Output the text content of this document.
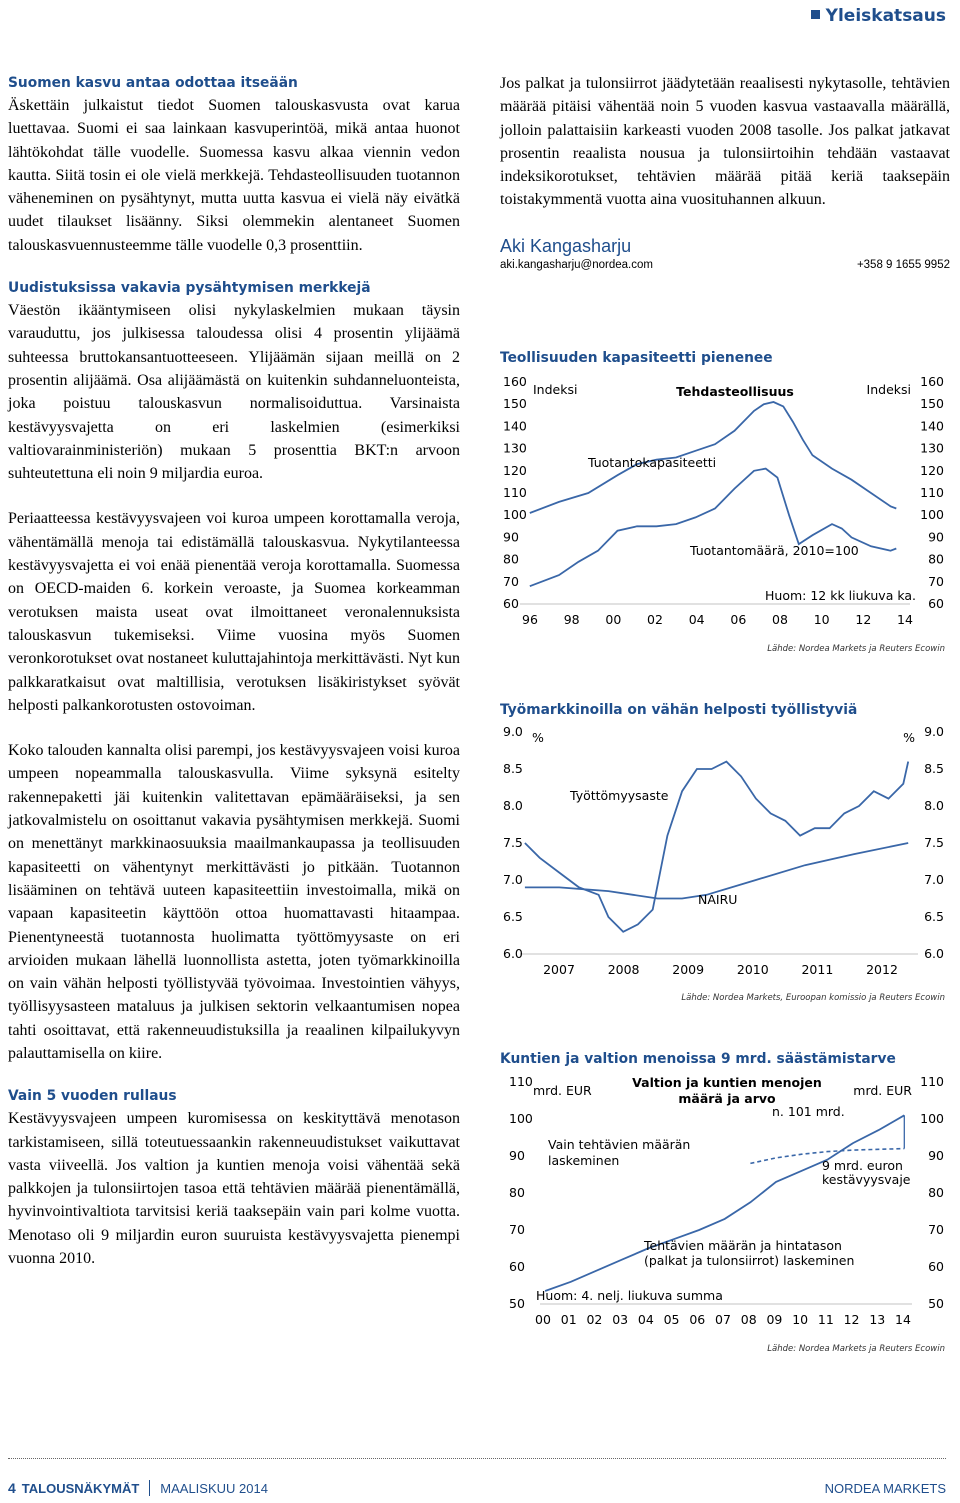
Yleiskatsaus
Suomen kasvu antaa odottaa itseään

Äskettäin julkaistut tiedot Suomen talouskasvusta ovat karua luettavaa. Suomi ei saa lainkaan kasvuperintöä, mikä antaa huonot lähtökohdat tälle vuodelle. Suomessa kasvu alkaa viennin vedon kautta. Siitä tosin ei ole vielä merkkejä. Tehdasteollisuuden tuotannon väheneminen on pysähtynyt, mutta uutta kasvua ei vielä näy eivätkä uudet tilaukset lisäänny. Siksi olemmekin alentaneet Suomen talouskasvuennusteemme tälle vuodelle 0,3 prosenttiin.

Uudistuksissa vakavia pysähtymisen merkkejä

Väestön ikääntymiseen olisi nykylaskelmien mukaan täysin varauduttu, jos julkisessa taloudessa olisi 4 prosentin ylijäämä suhteessa bruttokansantuotteeseen. Ylijäämän sijaan meillä on 2 prosentin alijäämä. Osa alijäämästä on kuitenkin suhdanneluonteista, joka poistuu talouskasvun normalisoiduttua. Varsinaista kestävyysvajetta on eri laskelmien (esimerkiksi valtiovarainministeriön) mukaan 5 prosenttia BKT:n arvoon suhteutettuna eli noin 9 miljardia euroa.

Periaatteessa kestävyysvajeen voi kuroa umpeen korottamalla veroja, vähentämällä menoja tai edistämällä talouskasvua. Nykytilanteessa kestävyysvajetta ei voi enää pienentää veroja korottamalla. Suomessa on OECD-maiden 6. korkein veroaste, ja Suomea korkeamman verotuksen maista useat ovat ilmoittaneet veronalennuksista talouskasvun tukemiseksi. Viime vuosina myös Suomen veronkorotukset ovat nostaneet kuluttajahintoja merkittävästi. Nyt kun palkkaratkaisut ovat maltillisia, verotuksen lisäkiristykset syövät helposti palkankorotusten ostovoiman.

Koko talouden kannalta olisi parempi, jos kestävyysvajeen voisi kuroa umpeen nopeammalla talouskasvulla. Viime syksynä esitelty rakennepaketti jäi kuitenkin valitettavan epämääräiseksi, ja sen jatkovalmistelu on osoittanut vakavia pysähtymisen merkkejä. Suomi on menettänyt markkinaosuuksia maailmankaupassa ja teollisuuden kapasiteetti on vähentynyt merkittävästi jo pitkään. Tuotannon lisääminen on tehtävä uuteen kapasiteettiin investoimalla, mikä on vapaan kapasiteetin käyttöön ottoa huomattavasti hitaampaa. Pienentyneestä tuotannosta huolimatta työttömyysaste on eri arvioiden mukaan lähellä luonnollista astetta, joten työmarkkinoilla on vain vähän helposti työllistyvää työvoimaa. Investointien vähyys, työllisyysasteen mataluus ja julkisen sektorin velkaantumisen nopea tahti osoittavat, että rakenneuudistuksilla ja reaalinen kilpailukyvyn palauttamisella on kiire.

Vain 5 vuoden rullaus

Kestävyysvajeen umpeen kuromisessa on keskityttävä menotason tarkistamiseen, sillä toteutuessaankin rakenneuudistukset vaikuttavat vasta viiveellä. Jos valtion ja kuntien menoja voisi vähentää sekä palkkojen ja tulonsiirtojen tasoa että tehtävien määrää pienentämällä, hyvinvointivaltiota tarvitsisi keriä taaksepäin vain pari kolme vuotta. Menotaso oli 9 miljardin euron suuruista kestävyysvajetta pienempi vuonna 2010.

Jos palkat ja tulonsiirrot jäädytetään reaalisesti nykytasolle, tehtävien määrää pitäisi vähentää noin 5 vuoden kasvua vastaavalla määrällä, jolloin palattaisiin karkeasti vuoden 2008 tasolle. Jos palkat jatkavat prosentin reaalista nousua ja tulonsiirtoihin tehdään vastaavat indeksikorotukset, tehtävien määrää pitää keriä taaksepäin toistakymmentä vuotta aina vuosituhannen alkuun.

Aki Kangasharju
aki.kangasharju@nordea.com	+358 9 1655 9952
Teollisuuden kapasiteetti pienenee
160
150
140
130
120
110
100
90
80
70
60
160
150
140
130
120
110
100
90
80
70
60
96 98 00 02 04 06 08 10 12 14
Indeksi	Indeksi
Tehdasteollisuus
Tuotantokapasiteetti
Tuotantomäärä, 2010=100
Huom: 12 kk liukuva ka.
Lähde: Nordea Markets ja Reuters Ecowin
Työmarkkinoilla on vähän helposti työllistyviä
9.0
8.5
8.0
7.5
7.0
6.5
6.0
9.0
8.5
8.0
7.5
7.0
6.5
6.0
2007	2008	2009	2010	2011	2012
%	%
Työttömyysaste
NAIRU
Lähde: Nordea Markets, Euroopan komissio ja Reuters Ecowin
Kuntien ja valtion menoissa 9 mrd. säästämistarve
110
100
90
80
70
60
50
110
100
90
80
70
60
50
00 01 02 03 04 05 06 07 08 09 10 11 12 13 14
mrd. EUR	mrd. EUR
Valtion ja kuntien menojen
määrä ja arvo
n. 101 mrd.
Vain tehtävien määrän
laskeminen	9 mrd. euron
kestävyysvaje
Tehtävien määrän ja hintatason
(palkat ja tulonsiirrot) laskeminen
Huom: 4. nelj. liukuva summa
Lähde: Nordea Markets ja Reuters Ecowin
4 TALOUSNÄKYMÄT MAALISKUU 2014	NORDEA MARKETS
